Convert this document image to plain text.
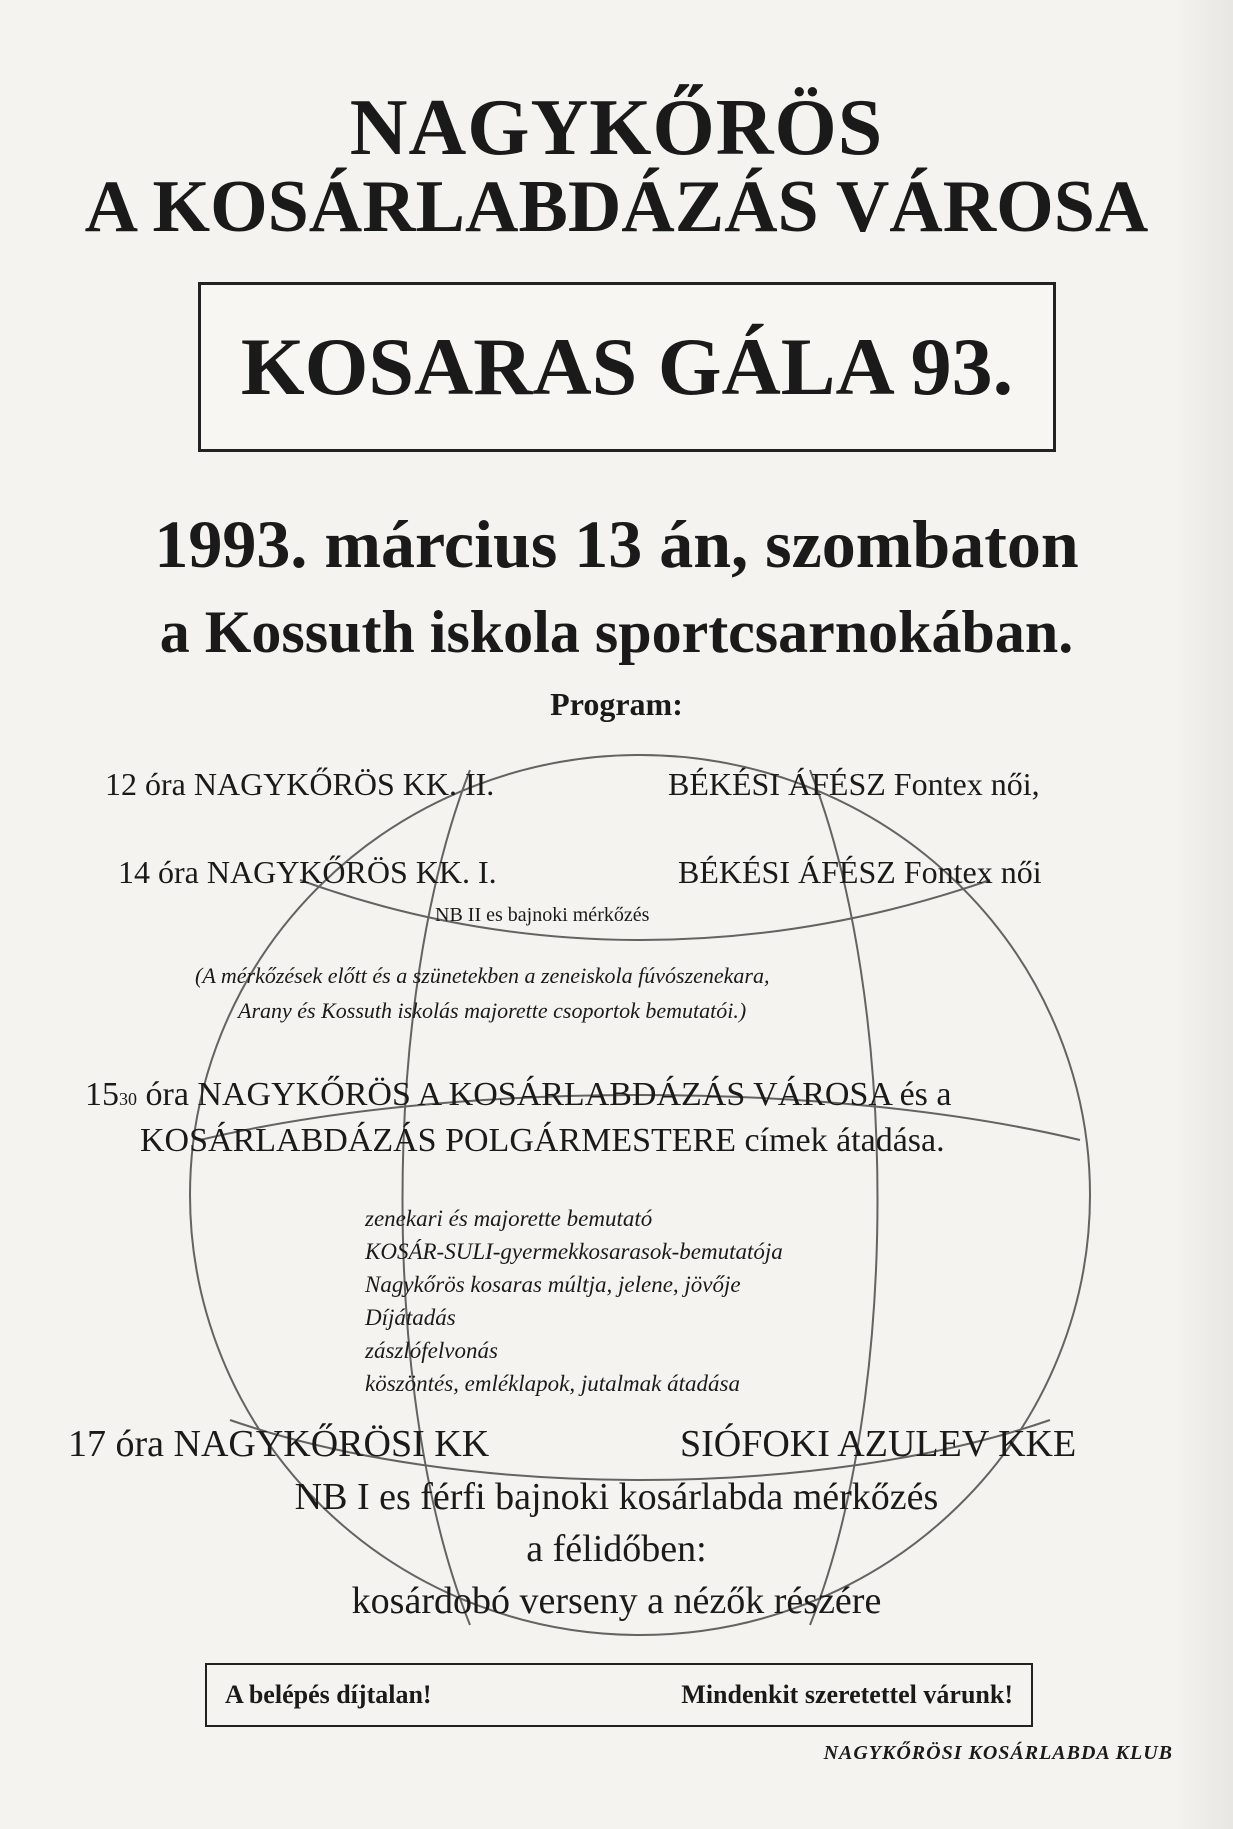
NAGYKŐRÖS
A KOSÁRLABDÁZÁS VÁROSA
KOSARAS GÁLA 93.
1993. március 13 án, szombaton
a Kossuth iskola sportcsarnokában.
Program:
12 óra NAGYKŐRÖS KK. II.	BÉKÉSI ÁFÉSZ Fontex női,
14 óra NAGYKŐRÖS KK. I.	BÉKÉSI ÁFÉSZ Fontex női
NB II es bajnoki mérkőzés
(A mérkőzések előtt és a szünetekben a zeneiskola fúvószenekara,
Arany és Kossuth iskolás majorette csoportok bemutatói.)
1530 óra NAGYKŐRÖS A KOSÁRLABDÁZÁS VÁROSA és a
KOSÁRLABDÁZÁS POLGÁRMESTERE címek átadása.
zenekari és majorette bemutató
KOSÁR-SULI-gyermekkosarasok-bemutatója
Nagykőrös kosaras múltja, jelene, jövője
Díjátadás
zászlófelvonás
köszöntés, emléklapok, jutalmak átadása
17 óra NAGYKŐRÖSI KK	SIÓFOKI AZULEV KKE
NB I es férfi bajnoki kosárlabda mérkőzés
a félidőben:
kosárdobó verseny a nézők részére
A belépés díjtalan!	Mindenkit szeretettel várunk!
NAGYKŐRÖSI KOSÁRLABDA KLUB
